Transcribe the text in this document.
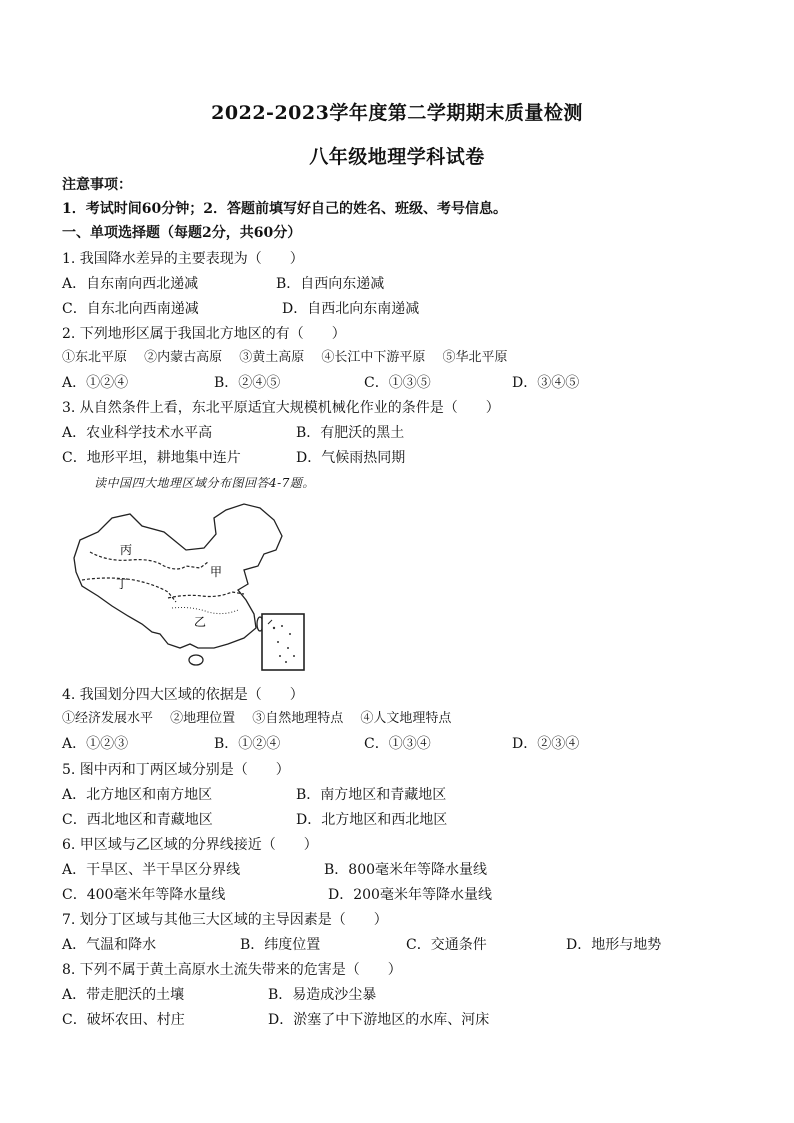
2022-2023学年度第二学期期末质量检测
八年级地理学科试卷
注意事项：
1．考试时间60分钟；2．答题前填写好自己的姓名、班级、考号信息。
一、单项选择题（每题2分，共60分）
1. 我国降水差异的主要表现为（　　）
A．自东南向西北递减	B．自西向东递减
C．自东北向西南递减	D．自西北向东南递减
2. 下列地形区属于我国北方地区的有（　　）
①东北平原　 ②内蒙古高原　 ③黄土高原　 ④长江中下游平原　 ⑤华北平原
A．①②④	B．②④⑤	C．①③⑤	D．③④⑤
3. 从自然条件上看，东北平原适宜大规模机械化作业的条件是（　　）
A．农业科学技术水平高	B．有肥沃的黑土
C．地形平坦，耕地集中连片	D．气候雨热同期
读中国四大地理区域分布图回答4-7题。
丙
甲
丁
乙
4. 我国划分四大区域的依据是（　　）
①经济发展水平　 ②地理位置　 ③自然地理特点　 ④人文地理特点
A．①②③	B．①②④	C．①③④	D．②③④
5. 图中丙和丁两区域分别是（　　）
A．北方地区和南方地区	B．南方地区和青藏地区
C．西北地区和青藏地区	D．北方地区和西北地区
6. 甲区域与乙区域的分界线接近（　　）
A．干旱区、半干旱区分界线	B．800毫米年等降水量线
C．400毫米年等降水量线	D．200毫米年等降水量线
7. 划分丁区域与其他三大区域的主导因素是（　　）
A．气温和降水	B．纬度位置	C．交通条件	D．地形与地势
8. 下列不属于黄土高原水土流失带来的危害是（　　）
A．带走肥沃的土壤	B．易造成沙尘暴
C．破坏农田、村庄	D．淤塞了中下游地区的水库、河床
